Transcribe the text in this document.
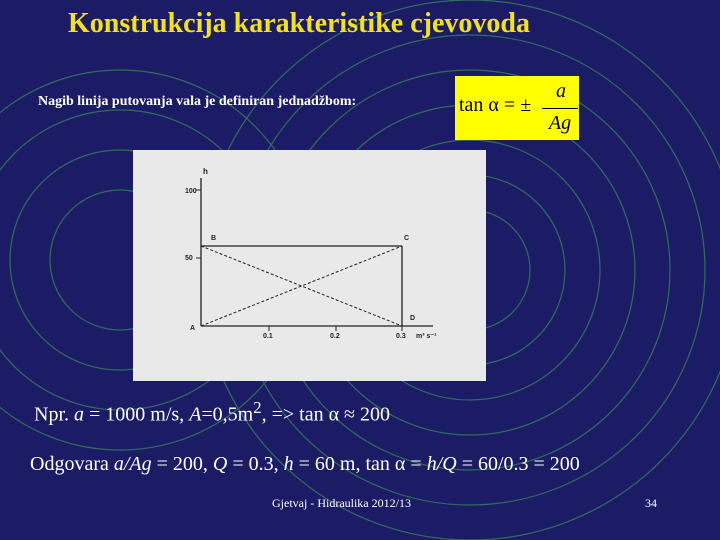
Konstrukcija karakteristike cjevovoda
Nagib linija putovanja vala je definiran jednadžbom:	tan α = ±
a
Ag
h
100
50
0.1	0.2	0.3 m³ s⁻¹
A
B	C
D
Npr. a = 1000 m/s, $A=0,5m^2$, => tan α ≈ 200
Odgovara a/Ag = 200, Q = 0.3, h = 60 m, tan α = h/Q = 60/0.3 = 200
Gjetvaj - Hidraulika 2012/13	34
